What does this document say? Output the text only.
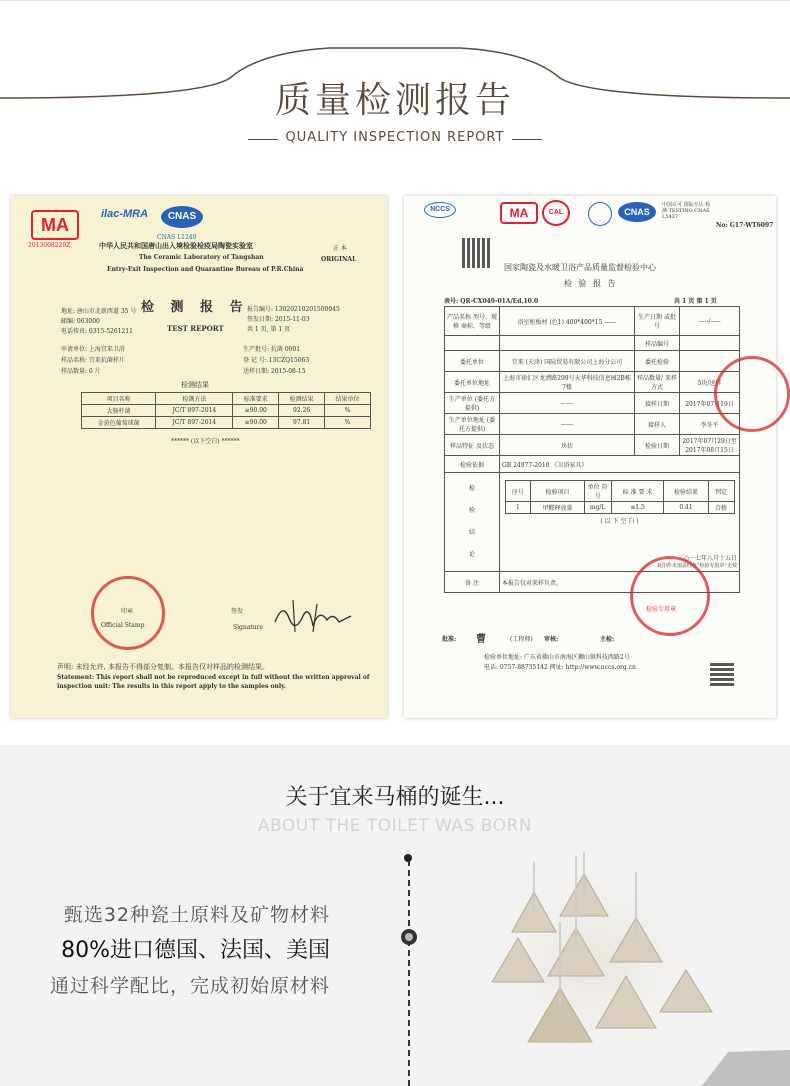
质量检测报告
QUALITY INSPECTION REPORT
MA
2013008229Z
ilac-MRA	CNAS
CNAS L1240
中华人民共和国唐山出入境检验检疫局陶瓷实验室	正 本
The Ceramic Laboratory of Tangshan	ORIGINAL
Entry-Exit Inspection and Quarantine Bureau of P.R.China
地址: 唐山市北新西道 35 号
邮编: 063000
电话传真: 0315-5261211
检 测 报 告
TEST REPORT
报告编号: 13020210201500045
签发日期: 2015-11-03
共 1 页, 第 1 页
申请单位: 上海宜来卫浴
样品名称: 宜来抗菌样片
样品数量: 6 片
生产批号: 抗菌 0001
登 记 号: 13CZQ15063
送样日期: 2015-08-15
检测结果
项目名称	检测方法	标准要求	检测结果	结果单位
大肠杆菌	JC/T 897-2014	≥90.00	92.26	%
金黄色葡萄球菌	JC/T 897-2014	≥90.00	97.81	%
****** (以下空白) ******
印章
Official Stamp
签发
Signature
声明: 未经允许, 本报告不得部分复制。本报告仅对样品的检测结果。
Statement: This report shall not be reproduced except in full without the written approval of
inspection unit: The results in this report apply to the samples only.
NCCS	MA	CAL	CNAS
中国认可 国际互认 检测 TESTING CNAS L5437
No: G17-WT6097
国家陶瓷及水暖卫浴产品质量监督检验中心
检 验 报 告
表号: QR-CX049-01A/Ed.10.0	共 1 页 第 1 页
产品名称 型号、规格 商标、等级	浴室柜板材 (色1) 400*400*15 ------	生产日期 或批号	-----/-----
		样品编号	
委托单位	宜来 (天津) 国际贸易有限公司上海分公司	委托检验	
委托单位地址	上海市徐汇区龙漕路299号天华科技信息园2B栋7楼	样品数量/ 来样方式	5块/送样
生产单位 (委托方提供)	------	接样日期	2017年07月19日
生产单位地址 (委托方提供)	------	接样人	李冬平
样品特征 及状态	块状	检验日期	2017年07月29日至2017年08月15日
检验依据	GB 24977-2010 《卫浴家具》
检
验
结
论	
序号	检验项目	单位 符号	标 准 要 求	检验结果	判定
1	甲醛释放量	mg/L	≤1.5	0.41	合格
( 以 下 空 白 )
二○一七年八月十五日
复印件未加盖红色“检验专用章”无效

备 注	本报告仅对来样负责。
批准: 曹	(工程师) 审核:	主检:
检验单位地址: 广东省佛山市南海区狮山镇科技西路2号
电话: 0757-88735142 网址: http://www.nccs.org.cn
检验专用章
关于宜来马桶的诞生...
ABOUT THE TOILET WAS BORN
甄选32种瓷土原料及矿物材料
80%进口德国、法国、美国
通过科学配比，完成初始原材料
